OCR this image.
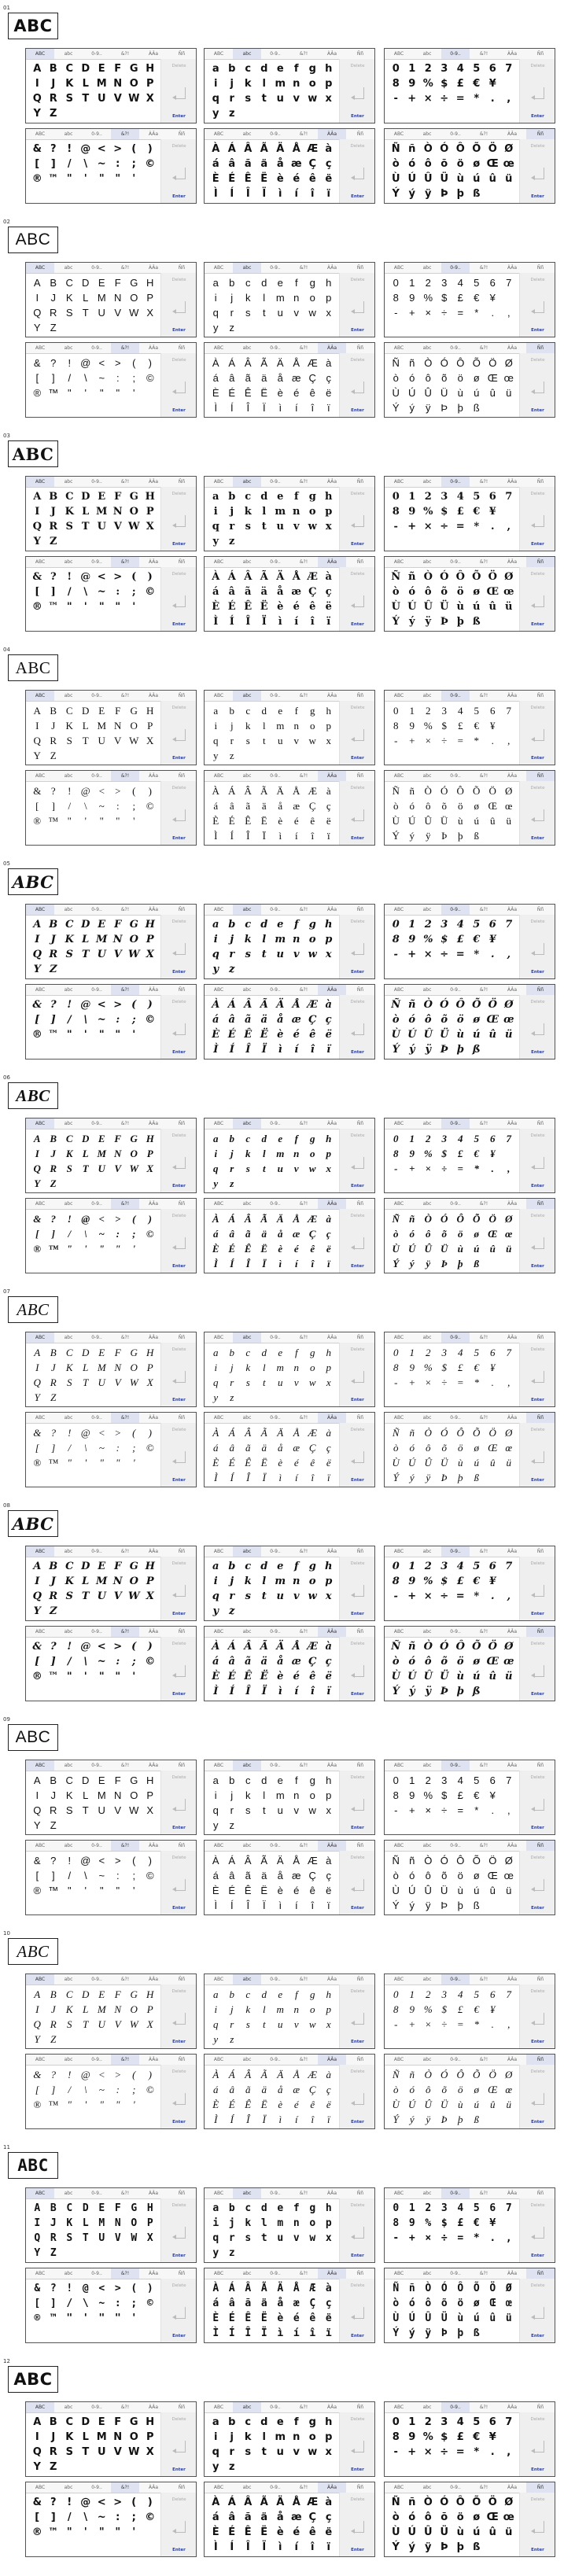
01
ABC
ABC	abc	0-9..	&?!	ÀÂa	Ññ
A B C D E F G H
I	J	K L M N O P
Q R S T U V W X
Y Z
Delete
Enter
ABC	abc	0-9..	&?!	ÀÂa	Ññ
a b c d e	f	g h
i	j	k	l m n o p
q r	s	t u v w x
y z
Delete
Enter
ABC	abc	0-9..	&?!	ÀÂa	Ññ
0 1 2 3 4 5 6 7
8 9 % $ £ € ¥
- + × ÷ = *	.	,
Delete
Enter
ABC	abc	0-9..	&?!	ÀÂa	Ññ
& ?	! @ < > (	)
[	]	/	\ ~ :	; ©
® ™ "	'	"	"	'
Delete
Enter
ABC	abc	0-9..	&?!	ÀÂa	Ññ
À Á Â Ã Ä Å Æ à
á â ã ä å æ Ç ç
È É Ê Ë è é ê ë
Ì	Í	Î	Ï	ì	í	î	ï
Delete
Enter
ABC	abc	0-9..	&?!	ÀÂa	Ññ
Ñ ñ Ò Ó Ô Õ Ö Ø
ò ó ô õ ö ø Œ œ
Ù Ú Û Ü ù ú û ü
Ý ý ÿ Þ þ ß
Delete
Enter
02
ABC
ABC	abc	0-9..	&?!	ÀÂa	Ññ
A B C D E F G H
I	J K L M N O P
Q R S T U V W X
Y Z
Delete
Enter
ABC	abc	0-9..	&?!	ÀÂa	Ññ
a	b	c	d	e	f	g	h
i	j	k	l	m n	o	p
q	r	s	t	u	v w x
y	z
Delete
Enter
ABC	abc	0-9..	&?!	ÀÂa	Ññ
0	1	2	3	4	5	6	7
8	9 % $	£	€	¥
-	+ ×	÷	=	*	.	,
Delete
Enter
ABC	abc	0-9..	&?!	ÀÂa	Ññ
& ?	! @ < >	(	)
[	]	/	\	~	:	;	©
® ™ "	'	"	"	'
Delete
Enter
ABC	abc	0-9..	&?!	ÀÂa	Ññ
À Á Â Ã Ä Å Æ à
á	â	ã	ä	å æ Ç ç
È É Ê Ë è	é	ê	ë
Ì	Í	Î	Ï	ì	í	î	ï
Delete
Enter
ABC	abc	0-9..	&?!	ÀÂa	Ññ
Ñ ñ Ò Ó Ô Õ Ö Ø
ò	ó	ô	õ	ö ø Œ œ
Ù Ú Û Ü ù	ú	û	ü
Ý ý	ÿ Þ þ ß
Delete
Enter
03
ABC
ABC	abc	0-9..	&?!	ÀÂa	Ññ
A B C D E F G H
I	J K L M N O P
Q R S T U V W X
Y Z
Delete
Enter
ABC	abc	0-9..	&?!	ÀÂa	Ññ
a b c d e	f	g h
i	j	k	l m n o p
q r	s	t u v w x
y	z
Delete
Enter
ABC	abc	0-9..	&?!	ÀÂa	Ññ
0 1 2 3 4 5 6 7
8 9 % $ £ € ¥
- + × ÷ = *	.	,
Delete
Enter
ABC	abc	0-9..	&?!	ÀÂa	Ññ
& ?	! @ < > (	)
[	]	/	\ ~ :	; ©
® ™ "	'	"	"	'
Delete
Enter
ABC	abc	0-9..	&?!	ÀÂa	Ññ
À Á Â Ã Ä Å Æ à
á â ã ä å æ Ç ç
È É Ê Ë è é ê ë
Ì	Í	Î	Ï	ì	í	î	ï
Delete
Enter
ABC	abc	0-9..	&?!	ÀÂa	Ññ
Ñ ñ Ò Ó Ô Õ Ö Ø
ò ó ô õ ö ø Œ œ
Ù Ú Û Ü ù ú û ü
Ý ý ÿ Þ þ ß
Delete
Enter
04
ABC
ABC	abc	0-9..	&?!	ÀÂa	Ññ
A B C D E F G H
I	J	K L M N O P
Q R S T U V W X
Y Z
Delete
Enter
ABC	abc	0-9..	&?!	ÀÂa	Ññ
a	b	c	d	e	f	g	h
i	j	k	l	m n	o	p
q	r	s	t	u	v w x
y	z
Delete
Enter
ABC	abc	0-9..	&?!	ÀÂa	Ññ
0	1	2	3	4	5	6	7
8	9 % $	£	€	¥
-	+	×	÷	=	*	.	,
Delete
Enter
ABC	abc	0-9..	&?!	ÀÂa	Ññ
& ?	! @ <	>	(	)
[	]	/	\	~	:	;	©
® ™ "	'	"	"	'
Delete
Enter
ABC	abc	0-9..	&?!	ÀÂa	Ññ
À Á Â Ã Ä Å Æ à
á	â	ã	ä	å	æ Ç	ç
È É Ê Ë	è	é	ê	ë
Ì	Í	Î	Ï	ì	í	î	ï
Delete
Enter
ABC	abc	0-9..	&?!	ÀÂa	Ññ
Ñ ñ Ò Ó Ô Õ Ö Ø
ò	ó	ô	õ	ö	ø Œ œ
Ù Ú Û Ü ù	ú	û	ü
Ý ý	ÿ	Þ	þ	ß
Delete
Enter
05
ABC
ABC	abc	0-9..	&?!	ÀÂa	Ññ
A B C D E F G H
I	J K L M N O P
Q R S T U V W X
Y Z
Delete
Enter
ABC	abc	0-9..	&?!	ÀÂa	Ññ
a b c d e	f	g h
i	j	k	l m n o p
q r	s	t u v w x
y	z
Delete
Enter
ABC	abc	0-9..	&?!	ÀÂa	Ññ
0 1 2 3 4 5 6 7
8 9 % $ £ € ¥
- + × ÷ = *	.	,
Delete
Enter
ABC	abc	0-9..	&?!	ÀÂa	Ññ
& ?	! @ < > (	)
[	]	/	\ ~ :	; ©
® ™ "	'	"	"	'
Delete
Enter
ABC	abc	0-9..	&?!	ÀÂa	Ññ
À Á Â Ã Ä Å Æ à
á â ã ä å æ Ç ç
È É Ê Ë è é ê ë
Ì	Í	Î	Ï	ì	í	î	ï
Delete
Enter
ABC	abc	0-9..	&?!	ÀÂa	Ññ
Ñ ñ Ò Ó Ô Õ Ö Ø
ò ó ô õ ö ø Œ œ
Ù Ú Û Ü ù ú û ü
Ý ý ÿ Þ þ ß
Delete
Enter
06
ABC
ABC	abc	0-9..	&?!	ÀÂa	Ññ
A B C D E F G H
I	J K L M N O P
Q R S T U V W X
Y Z
Delete
Enter
ABC	abc	0-9..	&?!	ÀÂa	Ññ
a	b	c	d	e	f	g	h
i	j	k	l	m n	o	p
q	r	s	t	u	v	w x
y	z
Delete
Enter
ABC	abc	0-9..	&?!	ÀÂa	Ññ
0	1	2	3	4	5	6	7
8	9 % $	£	€	¥
-	+	×	÷	=	*	.	,
Delete
Enter
ABC	abc	0-9..	&?!	ÀÂa	Ññ
& ?	! @ <	>	(	)
[	]	/	\	~	:	;	©
® ™ "	'	"	"	'
Delete
Enter
ABC	abc	0-9..	&?!	ÀÂa	Ññ
À Á Â Ã Ä Å Æ à
á	â	ã	ä	å æ Ç	ç
È É Ê Ë	è	é	ê	ë
Ì	Í	Î	Ï	ì	í	î	ï
Delete
Enter
ABC	abc	0-9..	&?!	ÀÂa	Ññ
Ñ ñ Ò Ó Ô Õ Ö Ø
ò	ó	ô	õ	ö	ø Œ œ
Ù Ú Û Ü ù	ú	û	ü
Ý	ý	ÿ	Þ	þ	ß
Delete
Enter
07
ABC
ABC	abc	0-9..	&?!	ÀÂa	Ññ
A B C D E F G H
I	J	K L M N O P
Q R	S	T U V W X
Y	Z
Delete
Enter
ABC	abc	0-9..	&?!	ÀÂa	Ññ
a	b	c	d	e	f	g	h
i	j	k	l	m n	o	p
q	r	s	t	u	v	w	x
y	z
Delete
Enter
ABC	abc	0-9..	&?!	ÀÂa	Ññ
0	1	2	3	4	5	6	7
8	9 % $	£	€	¥
-	+ × ÷ = *	.	,
Delete
Enter
ABC	abc	0-9..	&?!	ÀÂa	Ññ
& ?	! @ < >	(	)
[	]	/	\	~	:	;	©
® ™ "	'	"	"	'
Delete
Enter
ABC	abc	0-9..	&?!	ÀÂa	Ññ
À Á Â Ã Ä Å Æ à
á	â	ã	ä	å æ Ç	ç
È É Ê Ë	è	é	ê	ë
Ì	Í	Î	Ï	ì	í	î	ï
Delete
Enter
ABC	abc	0-9..	&?!	ÀÂa	Ññ
Ñ ñ Ò Ó Ô Õ Ö Ø
ò	ó	ô	õ	ö	ø Œ œ
Ù Ú Û Ü ù	ú	û	ü
Ý	ý	ÿ	Þ	þ	ß
Delete
Enter
08
ABC
ABC	abc	0-9..	&?!	ÀÂa	Ññ
A B C D E F G H
I	J K L M N O P
Q R S T U V W X
Y Z
Delete
Enter
ABC	abc	0-9..	&?!	ÀÂa	Ññ
a b c d e	f	g h
i	j	k	l m n o p
q r	s	t u v w x
y	z
Delete
Enter
ABC	abc	0-9..	&?!	ÀÂa	Ññ
0 1 2 3 4 5 6 7
8 9 % $ £ € ¥
- + × ÷ = *	.	,
Delete
Enter
ABC	abc	0-9..	&?!	ÀÂa	Ññ
& ?	! @ < > (	)
[	]	/	\ ~ :	; ©
® ™ "	'	"	"	'
Delete
Enter
ABC	abc	0-9..	&?!	ÀÂa	Ññ
À Á Â Ã Ä Å Æ à
á â ã ä å æ Ç ç
È É Ê Ë è é ê ë
Ì	Í	Î	Ï	ì	í	î	ï
Delete
Enter
ABC	abc	0-9..	&?!	ÀÂa	Ññ
Ñ ñ Ò Ó Ô Õ Ö Ø
ò ó ô õ ö ø Œ œ
Ù Ú Û Ü ù ú û ü
Ý ý ÿ Þ þ ß
Delete
Enter
09
ABC
ABC	abc	0-9..	&?!	ÀÂa	Ññ
A B C D E F G H
I	J K L M N O P
Q R S T U V W X
Y Z
Delete
Enter
ABC	abc	0-9..	&?!	ÀÂa	Ññ
a	b	c	d	e	f	g	h
i	j	k	l	m n	o	p
q	r	s	t	u	v w x
y	z
Delete
Enter
ABC	abc	0-9..	&?!	ÀÂa	Ññ
0	1	2	3	4	5	6	7
8	9 % $	£	€	¥
-	+ ×	÷	=	*	.	,
Delete
Enter
ABC	abc	0-9..	&?!	ÀÂa	Ññ
& ?	! @ < >	(	)
[	]	/	\	~	:	;	©
® ™ "	'	"	"	'
Delete
Enter
ABC	abc	0-9..	&?!	ÀÂa	Ññ
À Á Â Ã Ä Å Æ à
á	â	ã	ä	å æ Ç ç
È É Ê Ë è	é	ê	ë
Ì	Í	Î	Ï	ì	í	î	ï
Delete
Enter
ABC	abc	0-9..	&?!	ÀÂa	Ññ
Ñ ñ Ò Ó Ô Õ Ö Ø
ò	ó	ô	õ	ö ø Œ œ
Ù Ú Û Ü ù	ú	û	ü
Ý ý	ÿ Þ þ ß
Delete
Enter
10
ABC
ABC	abc	0-9..	&?!	ÀÂa	Ññ
A B C D E F G H
I	J	K L M N O P
Q R	S	T U V W X
Y	Z
Delete
Enter
ABC	abc	0-9..	&?!	ÀÂa	Ññ
a	b	c	d	e	f	g	h
i	j	k	l	m n	o	p
q	r	s	t	u	v	w	x
y	z
Delete
Enter
ABC	abc	0-9..	&?!	ÀÂa	Ññ
0	1	2	3	4	5	6	7
8	9 % $	£	€	¥
-	+ × ÷ = *	.	,
Delete
Enter
ABC	abc	0-9..	&?!	ÀÂa	Ññ
& ?	! @ < >	(	)
[	]	/	\	~	:	;	©
® ™ "	'	"	"	'
Delete
Enter
ABC	abc	0-9..	&?!	ÀÂa	Ññ
À Á Â Ã Ä Å Æ à
á	â	ã	ä	å æ Ç	ç
È É Ê Ë	è	é	ê	ë
Ì	Í	Î	Ï	ì	í	î	ï
Delete
Enter
ABC	abc	0-9..	&?!	ÀÂa	Ññ
Ñ ñ Ò Ó Ô Õ Ö Ø
ò	ó	ô	õ	ö	ø Œ œ
Ù Ú Û Ü ù	ú	û	ü
Ý	ý	ÿ	Þ	þ	ß
Delete
Enter
11
ABC
ABC	abc	0-9..	&?!	ÀÂa	Ññ
A B C D E F G H
I J K L M N O P
Q R S T U V W X
Y Z
Delete
Enter
ABC	abc	0-9..	&?!	ÀÂa	Ññ
a b c d e f g h
i j k l m n o p
q r s t u v w x
y z
Delete
Enter
ABC	abc	0-9..	&?!	ÀÂa	Ññ
0 1 2 3 4 5 6 7
8 9 % $ £ € ¥
- + × ÷ = * . ,
Delete
Enter
ABC	abc	0-9..	&?!	ÀÂa	Ññ
& ? ! @ < > ( )
[ ] / \ ~ : ; ©
® ™ " ' " " '
Delete
Enter
ABC	abc	0-9..	&?!	ÀÂa	Ññ
À Á Â Ã Ä Å Æ à
á â ã ä å æ Ç ç
È É Ê Ë è é ê ë
Ì Í Î Ï ì í î ï
Delete
Enter
ABC	abc	0-9..	&?!	ÀÂa	Ññ
Ñ ñ Ò Ó Ô Õ Ö Ø
ò ó ô õ ö ø Œ œ
Ù Ú Û Ü ù ú û ü
Ý ý ÿ Þ þ ß
Delete
Enter
12
ABC
ABC	abc	0-9..	&?!	ÀÂa	Ññ
A B C D E F G H
I	J	K L M N O P
Q R S T U V W X
Y Z
Delete
Enter
ABC	abc	0-9..	&?!	ÀÂa	Ññ
a b c d e	f	g h
i	j	k	l m n o p
q r	s	t u v w x
y z
Delete
Enter
ABC	abc	0-9..	&?!	ÀÂa	Ññ
0 1 2 3 4 5 6 7
8 9 % $ £ € ¥
- + × ÷ = *	.	,
Delete
Enter
ABC	abc	0-9..	&?!	ÀÂa	Ññ
& ?	! @ < > (	)
[	]	/	\ ~ :	; ©
® ™ "	'	"	"	'
Delete
Enter
ABC	abc	0-9..	&?!	ÀÂa	Ññ
À Á Â Ã Ä Å Æ à
á â ã ä å æ Ç ç
È É Ê Ë è é ê ë
Ì	Í	Î	Ï	ì	í	î	ï
Delete
Enter
ABC	abc	0-9..	&?!	ÀÂa	Ññ
Ñ ñ Ò Ó Ô Õ Ö Ø
ò ó ô õ ö ø Œ œ
Ù Ú Û Ü ù ú û ü
Ý ý ÿ Þ þ ß
Delete
Enter
